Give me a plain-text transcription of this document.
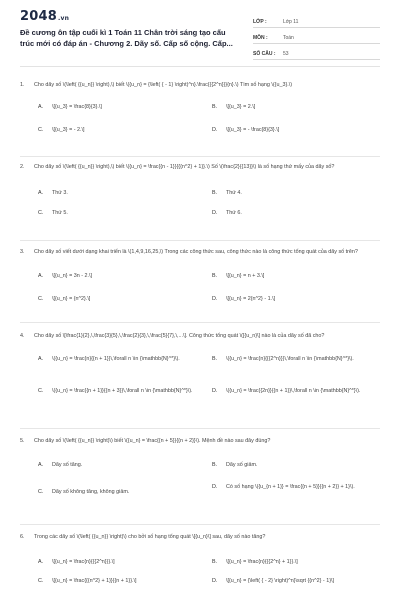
2048.vn
Đề cương ôn tập cuối kì 1 Toán 11 Chân trời sáng tạo cấu trúc mới có đáp án - Chương 2. Dãy số. Cấp số cộng. Cấp...
LỚP :	Lớp 11
MÔN :	Toán
SỐ CÂU :	53
1. Cho dãy số \(\left( {{u_n}} \right),\) biết \({u_n} = {\left( { - 1} \right)^n}.\frac{{{2^n}}}{n}.\) Tìm số hạng \({u_3}.\)
A.	\[{u_3} = \frac{8}{3}.\]	B.	\[{u_3} = 2.\]
C.	\[{u_3} = - 2.\]	D.	\[{u_3} = - \frac{8}{3}.\]
2. Cho dãy số \(\left( {{u_n}} \right),\) biết \({u_n} = \frac{{n - 1}}{{{n^2} + 1}}.\) Số \(\frac{2}{{13}}\) là số hạng thứ mấy của dãy số?
A.	Thứ 3.	B.	Thứ 4.
C.	Thứ 5.	D.	Thứ 6.
3. Cho dãy số viết dưới dạng khai triển là \(1,4,9,16,25,\) Trong các công thức sau, công thức nào là công thức tổng quát của dãy số trên?
A.	\[{u_n} = 3n - 2.\]	B.	\[{u_n} = n + 3.\]
C.	\[{u_n} = {n^2}.\]	D.	\[{u_n} = 2{n^2} - 1.\]
4. Cho dãy số \[\frac{1}{2},\,\frac{3}{5},\,\frac{2}{3},\,\frac{5}{7},\,...\]. Công thức tổng quát \([{u_n}\] nào là của dãy số đã cho?
A.	\({u_n} = \frac{n}{{n + 1}}\,\forall n \in {\mathbb{N}^*}\).	B.	\({u_n} = \frac{n}{{{2^n}}}\,\forall n \in {\mathbb{N}^*}\).
C.	\({u_n} = \frac{{n + 1}}{{n + 3}}\,\forall n \in {\mathbb{N}^*}\).	D.	\({u_n} = \frac{{2n}}{{n + 1}}\,\forall n \in {\mathbb{N}^*}\).
5. Cho dãy số \(\left( {{u_n}} \right)\) biết \({u_n} = \frac{{n + 5}}{{n + 2}}\). Mệnh đề nào sau đây đúng?
A.	Dãy số tăng.	B.	Dãy số giảm.
C.	Dãy số không tăng, không giảm.
D.	Có số hạng \({u_{n + 1}} = \frac{{n + 5}}{{n + 2}} + 1}\).
6. Trong các dãy số \(\left( {{u_n}} \right)\) cho bởi số hạng tổng quát \[{u_n}\] sau, dãy số nào tăng?
A.	\[{u_n} = \frac{n}{{{2^n}}}.\]	B.	\[{u_n} = \frac{n}{{{2^n} + 1}}.\]
C.	\[{u_n} = \frac{{{n^2} + 1}}{{n + 1}}.\]	D.	\[{u_n} = {\left( { - 2} \right)^n}\sqrt {{n^2} - 1}\]
